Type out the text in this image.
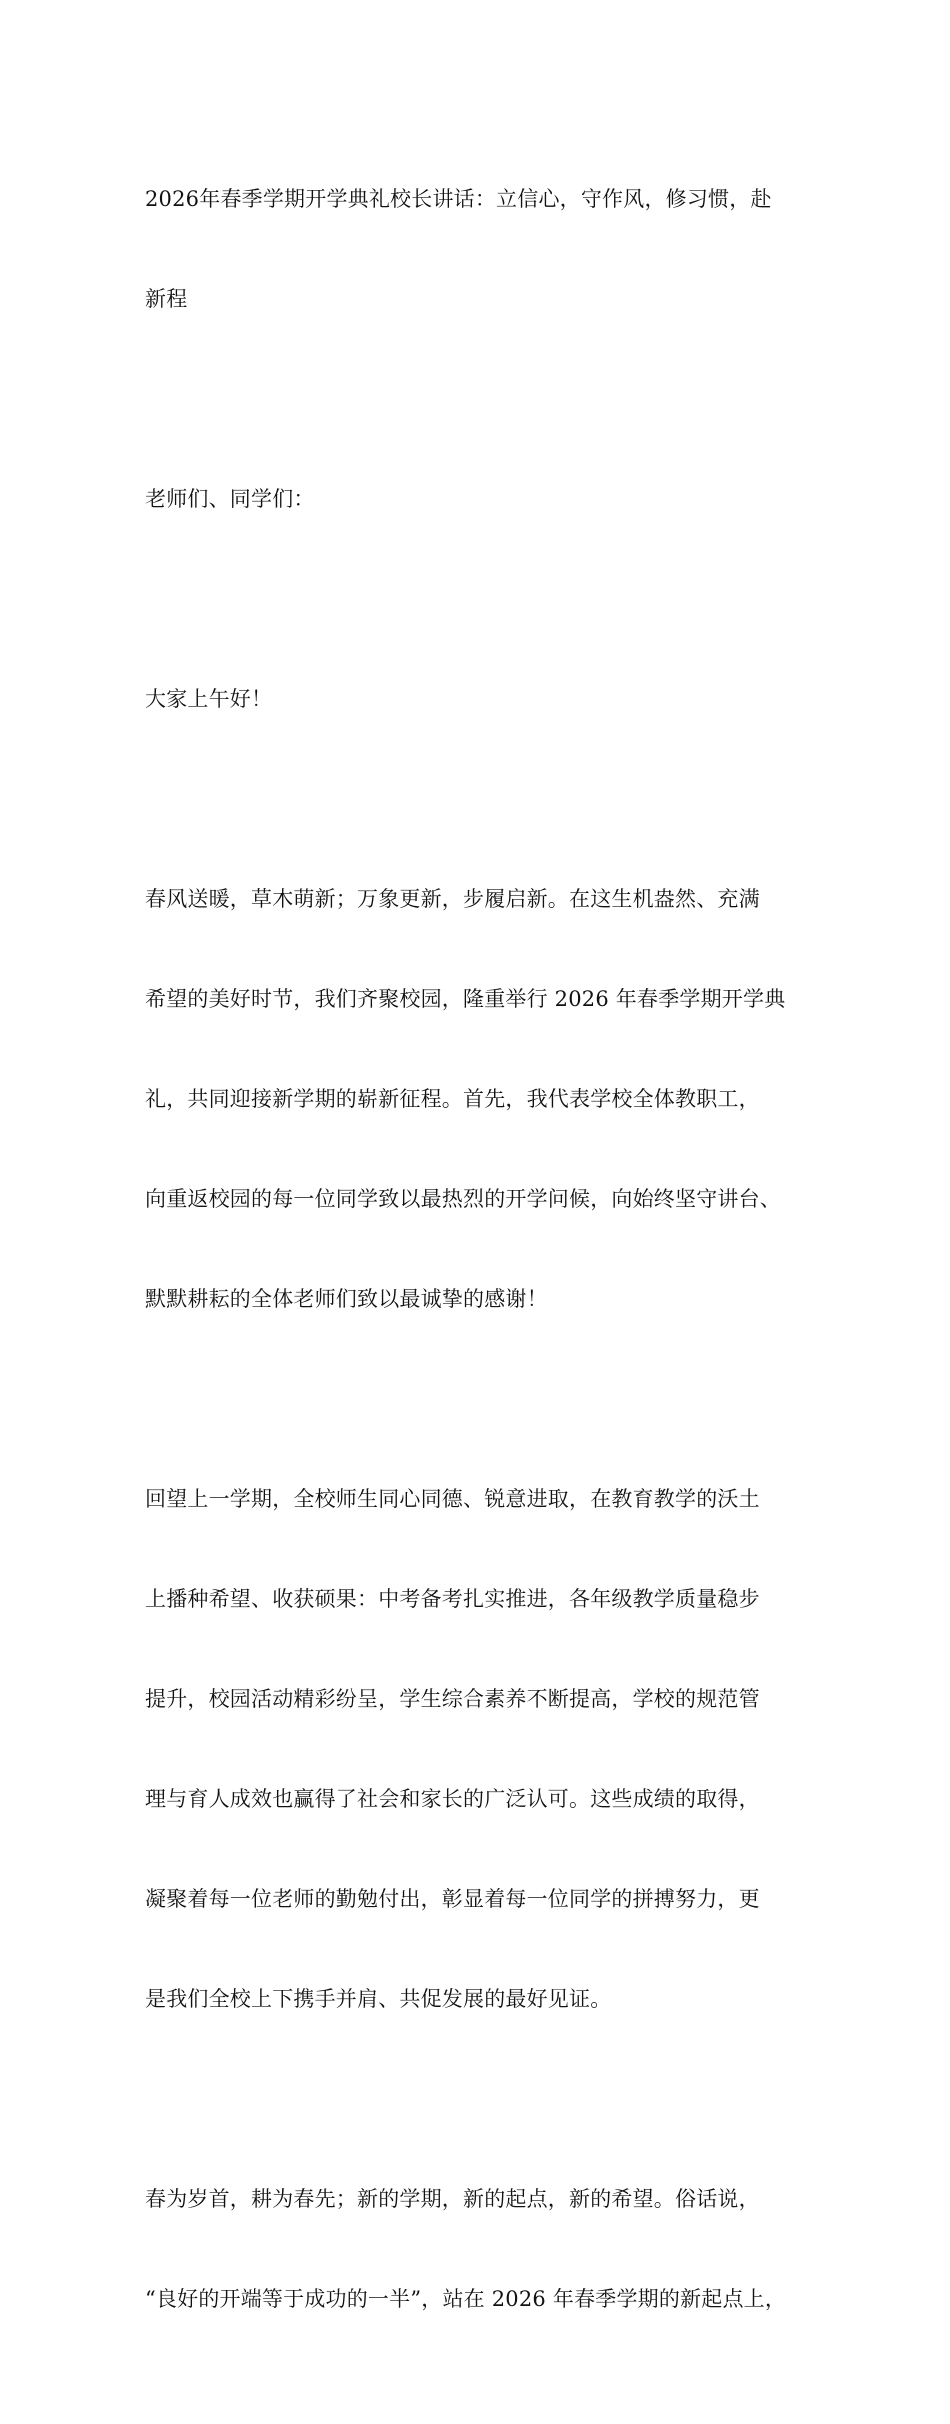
2026年春季学期开学典礼校长讲话：立信心，守作风，修习惯，赴

新程

老师们、同学们：

大家上午好！

春风送暖，草木萌新；万象更新，步履启新。在这生机盎然、充满

希望的美好时节，我们齐聚校园，隆重举行 2026 年春季学期开学典

礼，共同迎接新学期的崭新征程。首先，我代表学校全体教职工，

向重返校园的每一位同学致以最热烈的开学问候，向始终坚守讲台、

默默耕耘的全体老师们致以最诚挚的感谢！

回望上一学期，全校师生同心同德、锐意进取，在教育教学的沃土

上播种希望、收获硕果：中考备考扎实推进，各年级教学质量稳步

提升，校园活动精彩纷呈，学生综合素养不断提高，学校的规范管

理与育人成效也赢得了社会和家长的广泛认可。这些成绩的取得，

凝聚着每一位老师的勤勉付出，彰显着每一位同学的拼搏努力，更

是我们全校上下携手并肩、共促发展的最好见证。

春为岁首，耕为春先；新的学期，新的起点，新的希望。俗话说，

“良好的开端等于成功的一半”，站在 2026 年春季学期的新起点上，
